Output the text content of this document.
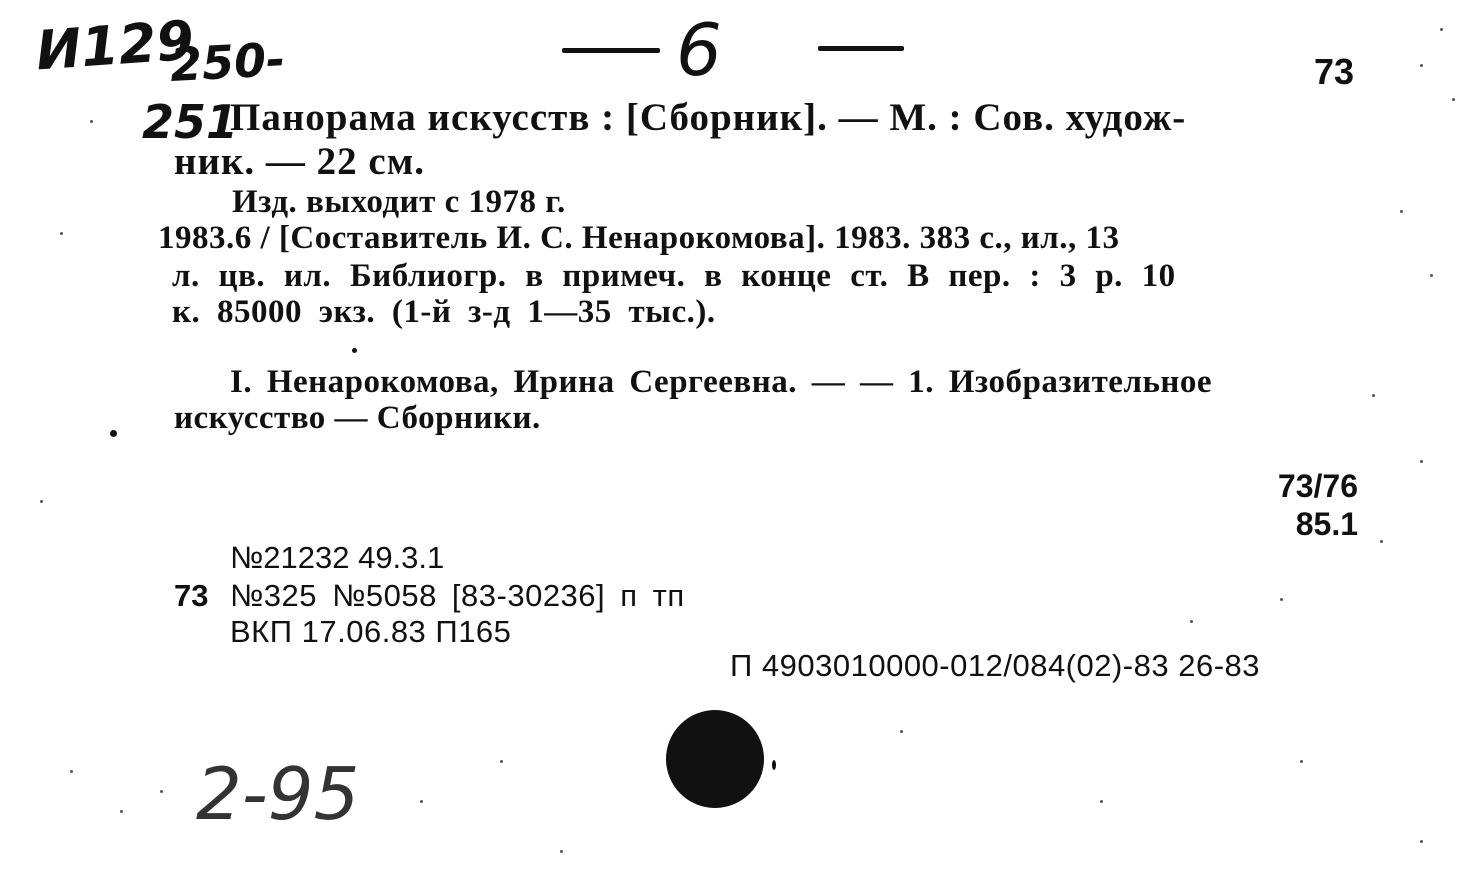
И129
250-
251
6	73
Панорама искусств : [Сборник]. — М. : Сов. худож-
ник. — 22 см.
Изд. выходит с 1978 г.
1983.6 / [Составитель И. С. Ненарокомова]. 1983. 383 с., ил., 13
л. цв. ил. Библиогр. в примеч. в конце ст. В пер. : 3 р. 10
к. 85000 экз. (1-й з-д 1—35 тыс.).
I. Ненарокомова, Ирина Сергеевна. — — 1. Изобразительное
искусство — Сборники.
73/76
85.1
№21232 49.3.1
73 №325 №5058 [83-30236] п тп
ВКП 17.06.83 П165
П 4903010000-012/084(02)-83 26-83
2-95
